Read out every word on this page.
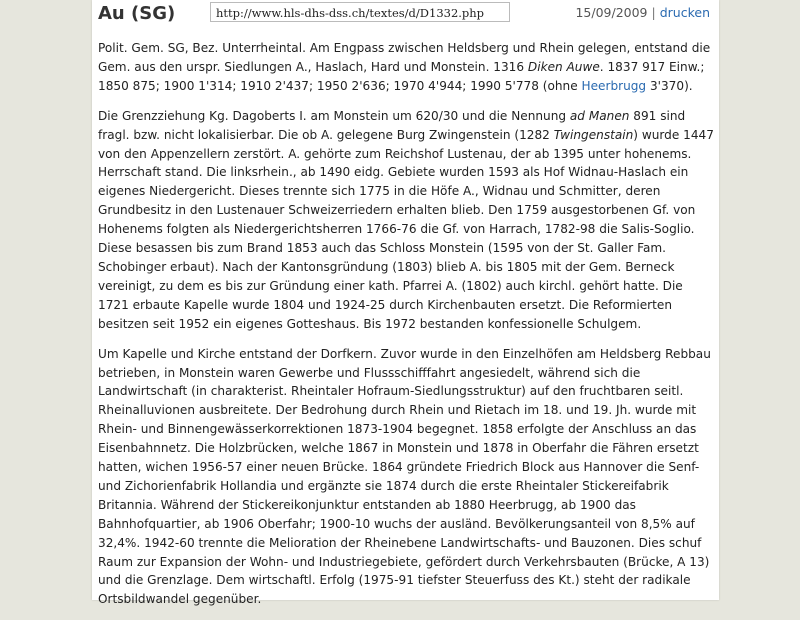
Au (SG)	http://www.hls-dhs-dss.ch/textes/d/D1332.php	15/09/2009 | drucken

Polit. Gem. SG, Bez. Unterrheintal. Am Engpass zwischen Heldsberg und Rhein gelegen, entstand die Gem. aus den urspr. Siedlungen A., Haslach, Hard und Monstein. 1316 Diken Auwe. 1837 917 Einw.; 1850 875; 1900 1'314; 1910 2'437; 1950 2'636; 1970 4'944; 1990 5'778 (ohne Heerbrugg 3'370).

Die Grenzziehung Kg. Dagoberts I. am Monstein um 620/30 und die Nennung ad Manen 891 sind fragl. bzw. nicht lokalisierbar. Die ob A. gelegene Burg Zwingenstein (1282 Twingenstain) wurde 1447 von den Appenzellern zerstört. A. gehörte zum Reichshof Lustenau, der ab 1395 unter hohenems. Herrschaft stand. Die linksrhein., ab 1490 eidg. Gebiete wurden 1593 als Hof Widnau-Haslach ein eigenes Niedergericht. Dieses trennte sich 1775 in die Höfe A., Widnau und Schmitter, deren Grundbesitz in den Lustenauer Schweizerriedern erhalten blieb. Den 1759 ausgestorbenen Gf. von Hohenems folgten als Niedergerichtsherren 1766-76 die Gf. von Harrach, 1782-98 die Salis-Soglio. Diese besassen bis zum Brand 1853 auch das Schloss Monstein (1595 von der St. Galler Fam. Schobinger erbaut). Nach der Kantonsgründung (1803) blieb A. bis 1805 mit der Gem. Berneck vereinigt, zu dem es bis zur Gründung einer kath. Pfarrei A. (1802) auch kirchl. gehört hatte. Die 1721 erbaute Kapelle wurde 1804 und 1924-25 durch Kirchenbauten ersetzt. Die Reformierten besitzen seit 1952 ein eigenes Gotteshaus. Bis 1972 bestanden konfessionelle Schulgem.

Um Kapelle und Kirche entstand der Dorfkern. Zuvor wurde in den Einzelhöfen am Heldsberg Rebbau betrieben, in Monstein waren Gewerbe und Flussschifffahrt angesiedelt, während sich die Landwirtschaft (in charakterist. Rheintaler Hofraum-Siedlungsstruktur) auf den fruchtbaren seitl. Rheinalluvionen ausbreitete. Der Bedrohung durch Rhein und Rietach im 18. und 19. Jh. wurde mit Rhein- und Binnengewässerkorrektionen 1873-1904 begegnet. 1858 erfolgte der Anschluss an das Eisenbahnnetz. Die Holzbrücken, welche 1867 in Monstein und 1878 in Oberfahr die Fähren ersetzt hatten, wichen 1956-57 einer neuen Brücke. 1864 gründete Friedrich Block aus Hannover die Senf- und Zichorienfabrik Hollandia und ergänzte sie 1874 durch die erste Rheintaler Stickereifabrik Britannia. Während der Stickereikonjunktur entstanden ab 1880 Heerbrugg, ab 1900 das Bahnhofquartier, ab 1906 Oberfahr; 1900-10 wuchs der ausländ. Bevölkerungsanteil von 8,5% auf 32,4%. 1942-60 trennte die Melioration der Rheinebene Landwirtschafts- und Bauzonen. Dies schuf Raum zur Expansion der Wohn- und Industriegebiete, gefördert durch Verkehrsbauten (Brücke, A 13) und die Grenzlage. Dem wirtschaftl. Erfolg (1975-91 tiefster Steuerfuss des Kt.) steht der radikale Ortsbildwandel gegenüber.
